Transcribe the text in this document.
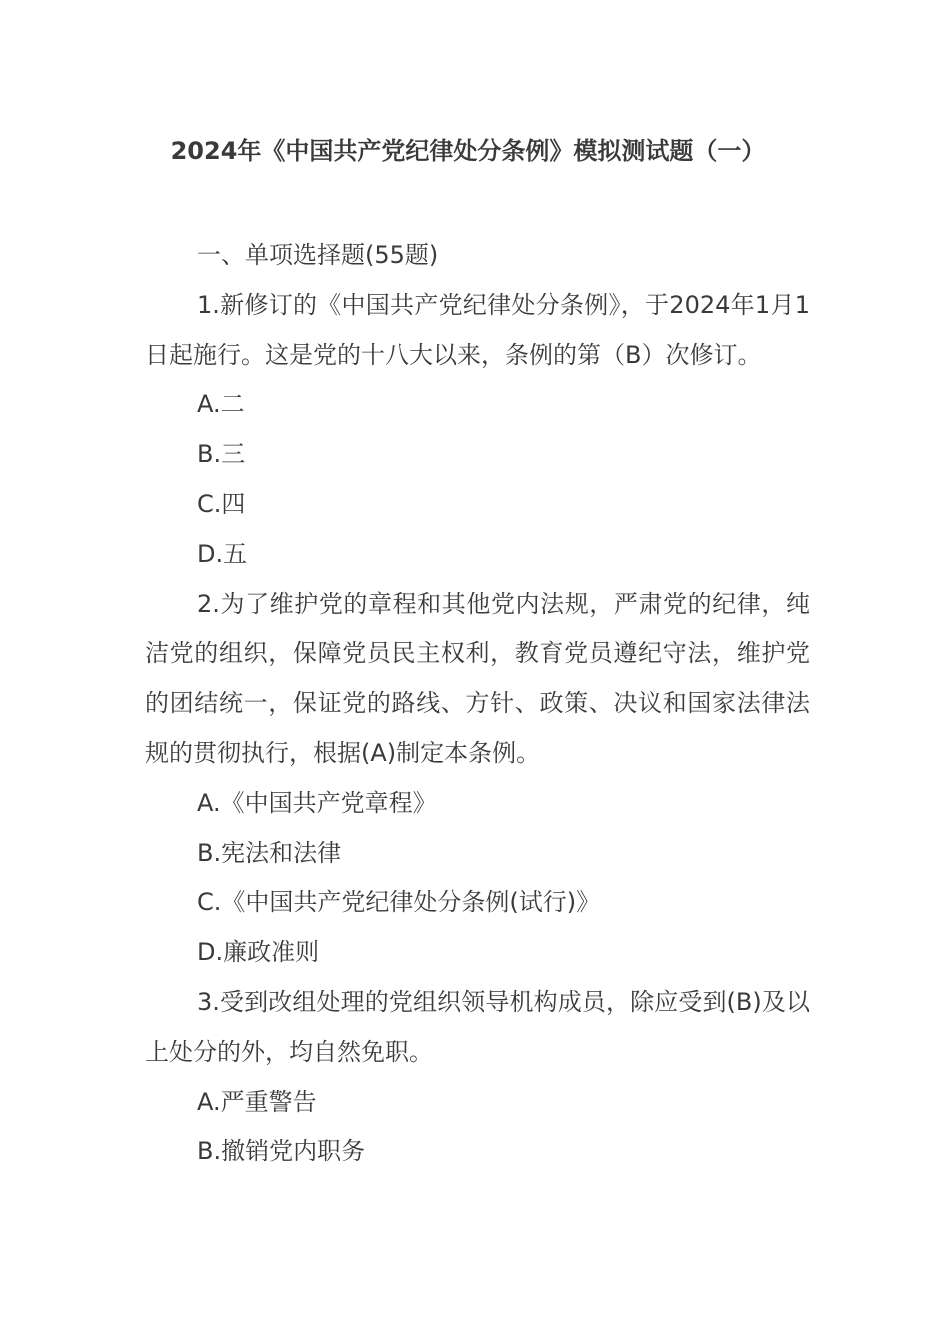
2024年《中国共产党纪律处分条例》模拟测试题（一）

一、单项选择题(55题)

1.新修订的《中国共产党纪律处分条例》，于2024年1月1日起施行。这是党的十八大以来，条例的第（B）次修订。

A.二

B.三

C.四

D.五

2.为了维护党的章程和其他党内法规，严肃党的纪律，纯洁党的组织，保障党员民主权利，教育党员遵纪守法，维护党的团结统一，保证党的路线、方针、政策、决议和国家法律法规的贯彻执行，根据(A)制定本条例。

A.《中国共产党章程》

B.宪法和法律

C.《中国共产党纪律处分条例(试行)》

D.廉政准则

3.受到改组处理的党组织领导机构成员，除应受到(B)及以上处分的外，均自然免职。

A.严重警告

B.撤销党内职务
